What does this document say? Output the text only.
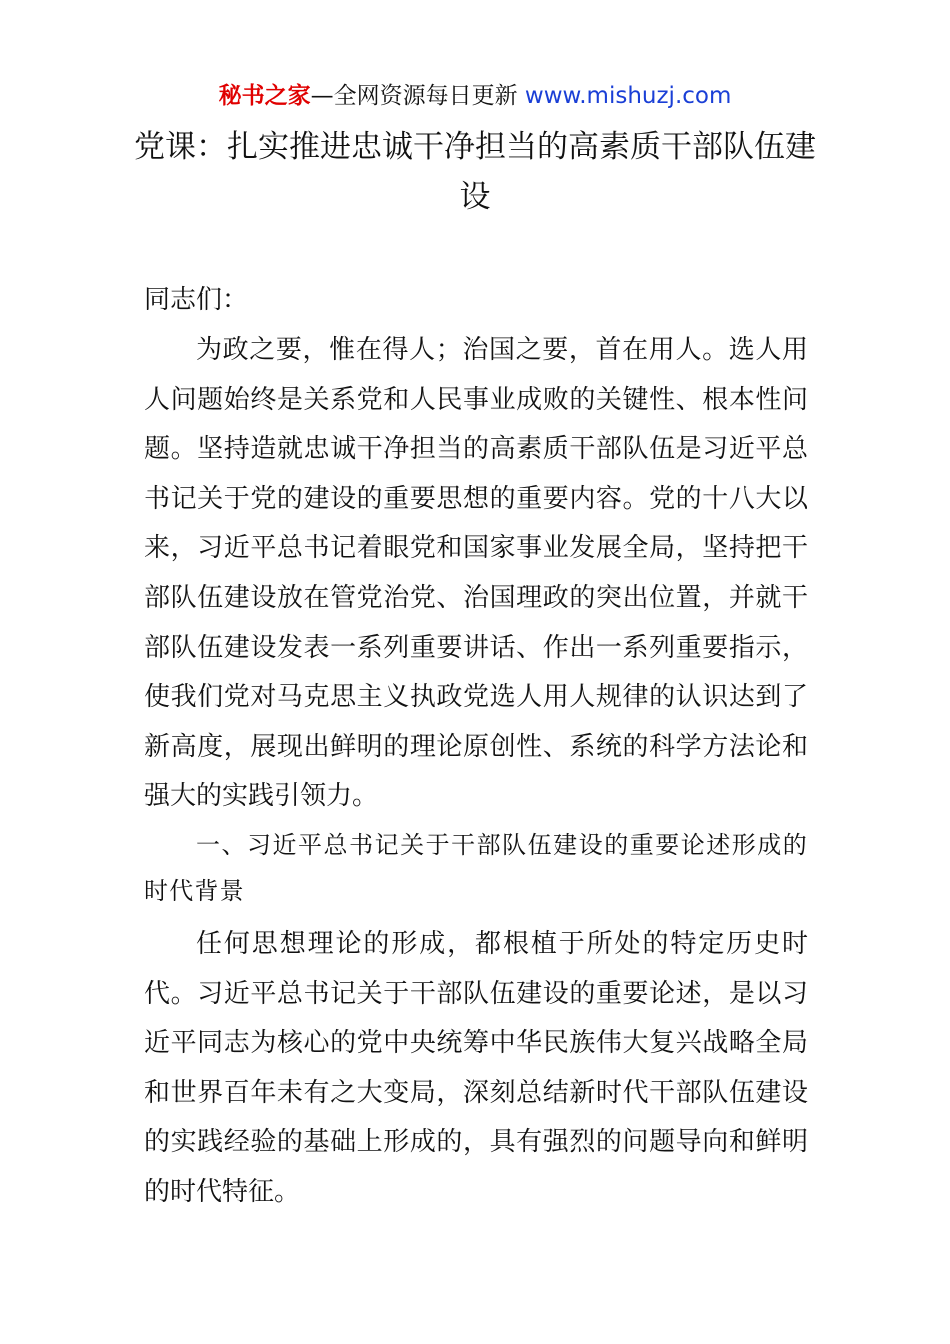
秘书之家—全网资源每日更新 www.mishuzj.com
党课：扎实推进忠诚干净担当的高素质干部队伍建设
同志们：
为政之要，惟在得人；治国之要，首在用人。选人用人问题始终是关系党和人民事业成败的关键性、根本性问题。坚持造就忠诚干净担当的高素质干部队伍是习近平总书记关于党的建设的重要思想的重要内容。党的十八大以来，习近平总书记着眼党和国家事业发展全局，坚持把干部队伍建设放在管党治党、治国理政的突出位置，并就干部队伍建设发表一系列重要讲话、作出一系列重要指示，使我们党对马克思主义执政党选人用人规律的认识达到了新高度，展现出鲜明的理论原创性、系统的科学方法论和强大的实践引领力。
一、习近平总书记关于干部队伍建设的重要论述形成的时代背景
任何思想理论的形成，都根植于所处的特定历史时代。习近平总书记关于干部队伍建设的重要论述，是以习近平同志为核心的党中央统筹中华民族伟大复兴战略全局和世界百年未有之大变局，深刻总结新时代干部队伍建设的实践经验的基础上形成的，具有强烈的问题导向和鲜明的时代特征。
